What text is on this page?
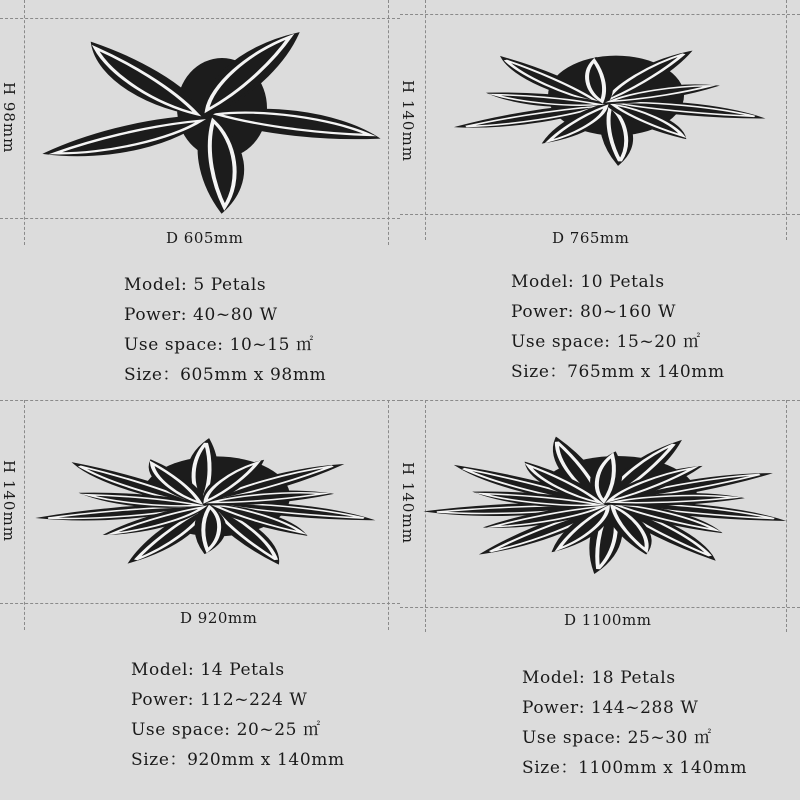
H 98mm
D 605mm
Model: 5 Petals
Power: 40~80 W
Use space: 10~15 ㎡
Size：605mm x 98mm
H 140mm
D 765mm
Model: 10 Petals
Power: 80~160 W
Use space: 15~20 ㎡
Size：765mm x 140mm
H 140mm
D 920mm
Model: 14 Petals
Power: 112~224 W
Use space: 20~25 ㎡
Size：920mm x 140mm
H 140mm
D 1100mm
Model: 18 Petals
Power: 144~288 W
Use space: 25~30 ㎡
Size：1100mm x 140mm
